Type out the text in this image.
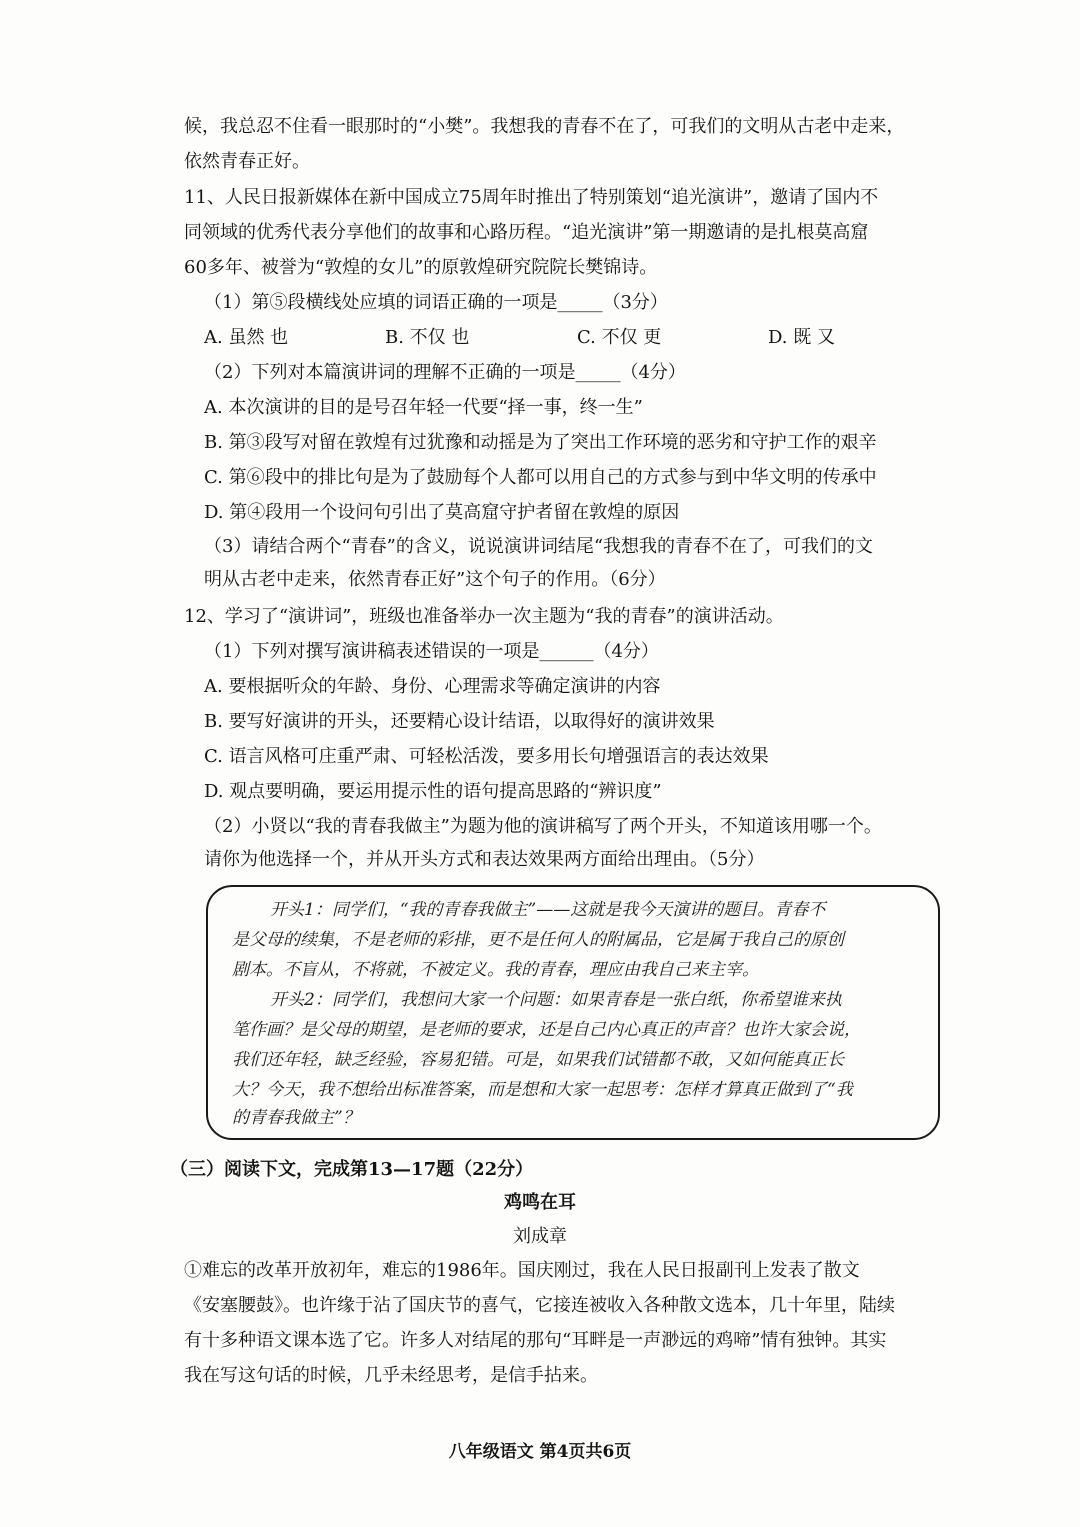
候，我总忍不住看一眼那时的“小樊”。我想我的青春不在了，可我们的文明从古老中走来，
依然青春正好。
11、人民日报新媒体在新中国成立75周年时推出了特别策划“追光演讲”，邀请了国内不
同领域的优秀代表分享他们的故事和心路历程。“追光演讲”第一期邀请的是扎根莫高窟
60多年、被誉为“敦煌的女儿”的原敦煌研究院院长樊锦诗。
（1）第⑤段横线处应填的词语正确的一项是_____（3分）
A. 虽然 也	B. 不仅 也	C. 不仅 更	D. 既 又
（2）下列对本篇演讲词的理解不正确的一项是_____（4分）
A. 本次演讲的目的是号召年轻一代要“择一事，终一生”
B. 第③段写对留在敦煌有过犹豫和动摇是为了突出工作环境的恶劣和守护工作的艰辛
C. 第⑥段中的排比句是为了鼓励每个人都可以用自己的方式参与到中华文明的传承中
D. 第④段用一个设问句引出了莫高窟守护者留在敦煌的原因
（3）请结合两个“青春”的含义，说说演讲词结尾“我想我的青春不在了，可我们的文
明从古老中走来，依然青春正好”这个句子的作用。（6分）
12、学习了“演讲词”，班级也准备举办一次主题为“我的青春”的演讲活动。
（1）下列对撰写演讲稿表述错误的一项是______（4分）
A. 要根据听众的年龄、身份、心理需求等确定演讲的内容
B. 要写好演讲的开头，还要精心设计结语，以取得好的演讲效果
C. 语言风格可庄重严肃、可轻松活泼，要多用长句增强语言的表达效果
D. 观点要明确，要运用提示性的语句提高思路的“辨识度”
（2）小贤以“我的青春我做主”为题为他的演讲稿写了两个开头，不知道该用哪一个。
请你为他选择一个，并从开头方式和表达效果两方面给出理由。（5分）
开头1：同学们，“我的青春我做主”——这就是我今天演讲的题目。青春不
是父母的续集，不是老师的彩排，更不是任何人的附属品，它是属于我自己的原创
剧本。不盲从，不将就，不被定义。我的青春，理应由我自己来主宰。
开头2：同学们，我想问大家一个问题：如果青春是一张白纸，你希望谁来执
笔作画？是父母的期望，是老师的要求，还是自己内心真正的声音？也许大家会说，
我们还年轻，缺乏经验，容易犯错。可是，如果我们试错都不敢，又如何能真正长
大？今天，我不想给出标准答案，而是想和大家一起思考：怎样才算真正做到了“我
的青春我做主”？
（三）阅读下文，完成第13—17题（22分）
鸡鸣在耳
刘成章
①难忘的改革开放初年，难忘的1986年。国庆刚过，我在人民日报副刊上发表了散文
《安塞腰鼓》。也许缘于沾了国庆节的喜气，它接连被收入各种散文选本，几十年里，陆续
有十多种语文课本选了它。许多人对结尾的那句“耳畔是一声渺远的鸡啼”情有独钟。其实
我在写这句话的时候，几乎未经思考，是信手拈来。
八年级语文 第4页共6页
